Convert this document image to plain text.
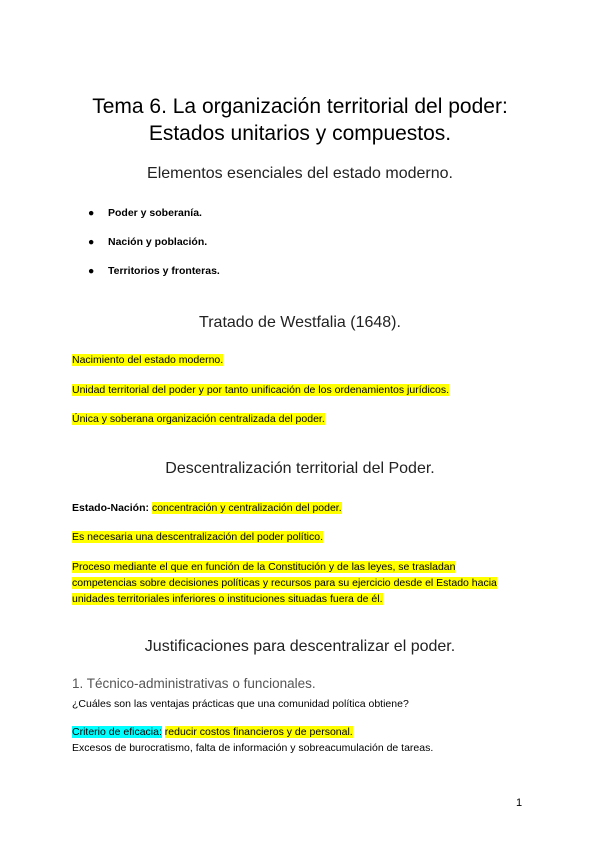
Tema 6. La organización territorial del poder:
Estados unitarios y compuestos.
Elementos esenciales del estado moderno.
● Poder y soberanía.
● Nación y población.
● Territorios y fronteras.
Tratado de Westfalia (1648).

Nacimiento del estado moderno.

Unidad territorial del poder y por tanto unificación de los ordenamientos jurídicos.

Única y soberana organización centralizada del poder.

Descentralización territorial del Poder.

Estado-Nación: concentración y centralización del poder.

Es necesaria una descentralización del poder político.

Proceso mediante el que en función de la Constitución y de las leyes, se trasladan
competencias sobre decisiones políticas y recursos para su ejercicio desde el Estado hacia
unidades territoriales inferiores o instituciones situadas fuera de él.

Justificaciones para descentralizar el poder.
1. Técnico-administrativas o funcionales.

¿Cuáles son las ventajas prácticas que una comunidad política obtiene?

Criterio de eficacia: reducir costos financieros y de personal.

Excesos de burocratismo, falta de información y sobreacumulación de tareas.

1
